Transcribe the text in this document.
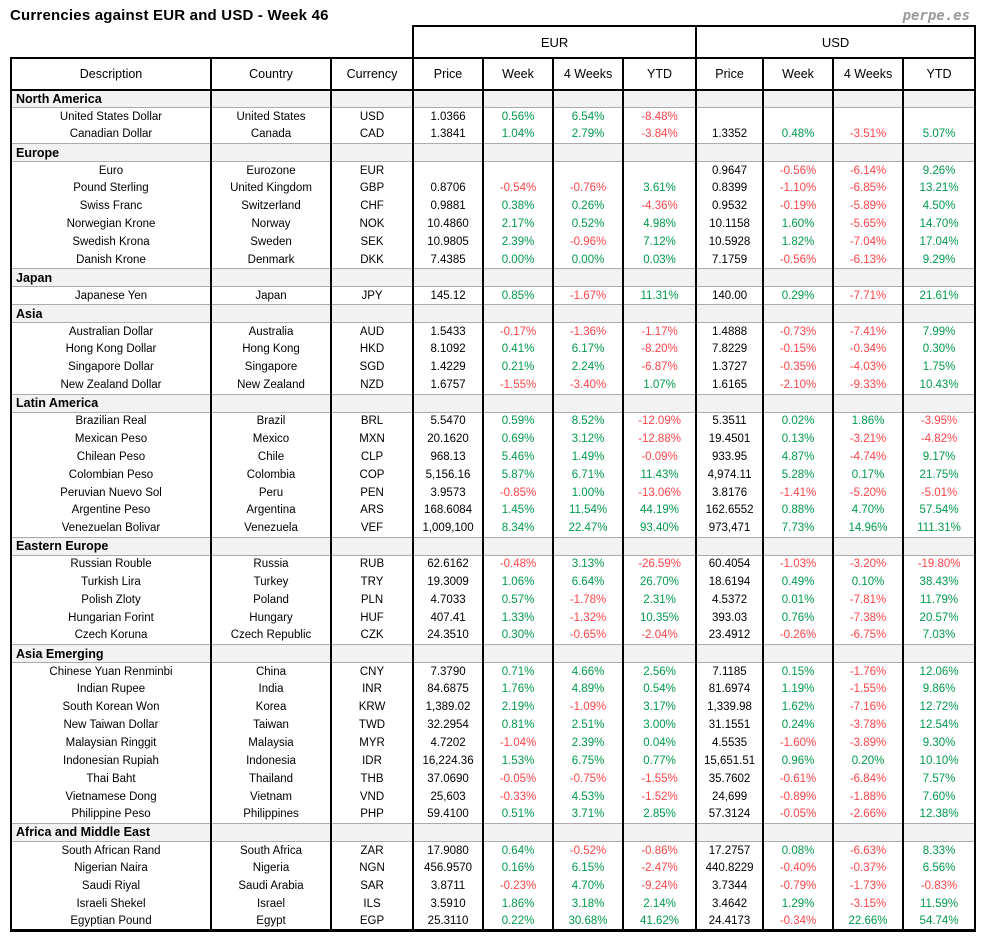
Currencies against EUR and USD - Week 46	perpe.es
			EUR				USD			
Description	Country	Currency	Price	Week	4 Weeks	YTD	Price	Week	4 Weeks	YTD
North America										
United States Dollar	United States	USD	1.0366	0.56%	6.54%	-8.48%				
Canadian Dollar	Canada	CAD	1.3841	1.04%	2.79%	-3.84%	1.3352	0.48%	-3.51%	5.07%
Europe										
Euro	Eurozone	EUR					0.9647	-0.56%	-6.14%	9.26%
Pound Sterling	United Kingdom	GBP	0.8706	-0.54%	-0.76%	3.61%	0.8399	-1.10%	-6.85%	13.21%
Swiss Franc	Switzerland	CHF	0.9881	0.38%	0.26%	-4.36%	0.9532	-0.19%	-5.89%	4.50%
Norwegian Krone	Norway	NOK	10.4860	2.17%	0.52%	4.98%	10.1158	1.60%	-5.65%	14.70%
Swedish Krona	Sweden	SEK	10.9805	2.39%	-0.96%	7.12%	10.5928	1.82%	-7.04%	17.04%
Danish Krone	Denmark	DKK	7.4385	0.00%	0.00%	0.03%	7.1759	-0.56%	-6.13%	9.29%
Japan										
Japanese Yen	Japan	JPY	145.12	0.85%	-1.67%	11.31%	140.00	0.29%	-7.71%	21.61%
Asia										
Australian Dollar	Australia	AUD	1.5433	-0.17%	-1.36%	-1.17%	1.4888	-0.73%	-7.41%	7.99%
Hong Kong Dollar	Hong Kong	HKD	8.1092	0.41%	6.17%	-8.20%	7.8229	-0.15%	-0.34%	0.30%
Singapore Dollar	Singapore	SGD	1.4229	0.21%	2.24%	-6.87%	1.3727	-0.35%	-4.03%	1.75%
New Zealand Dollar	New Zealand	NZD	1.6757	-1.55%	-3.40%	1.07%	1.6165	-2.10%	-9.33%	10.43%
Latin America										
Brazilian Real	Brazil	BRL	5.5470	0.59%	8.52%	-12.09%	5.3511	0.02%	1.86%	-3.95%
Mexican Peso	Mexico	MXN	20.1620	0.69%	3.12%	-12.88%	19.4501	0.13%	-3.21%	-4.82%
Chilean Peso	Chile	CLP	968.13	5.46%	1.49%	-0.09%	933.95	4.87%	-4.74%	9.17%
Colombian Peso	Colombia	COP	5,156.16	5.87%	6.71%	11.43%	4,974.11	5.28%	0.17%	21.75%
Peruvian Nuevo Sol	Peru	PEN	3.9573	-0.85%	1.00%	-13.06%	3.8176	-1.41%	-5.20%	-5.01%
Argentine Peso	Argentina	ARS	168.6084	1.45%	11.54%	44.19%	162.6552	0.88%	4.70%	57.54%
Venezuelan Bolivar	Venezuela	VEF	1,009,100	8.34%	22.47%	93.40%	973,471	7.73%	14.96%	111.31%
Eastern Europe										
Russian Rouble	Russia	RUB	62.6162	-0.48%	3.13%	-26.59%	60.4054	-1.03%	-3.20%	-19.80%
Turkish Lira	Turkey	TRY	19.3009	1.06%	6.64%	26.70%	18.6194	0.49%	0.10%	38.43%
Polish Zloty	Poland	PLN	4.7033	0.57%	-1.78%	2.31%	4.5372	0.01%	-7.81%	11.79%
Hungarian Forint	Hungary	HUF	407.41	1.33%	-1.32%	10.35%	393.03	0.76%	-7.38%	20.57%
Czech Koruna	Czech Republic	CZK	24.3510	0.30%	-0.65%	-2.04%	23.4912	-0.26%	-6.75%	7.03%
Asia Emerging										
Chinese Yuan Renminbi	China	CNY	7.3790	0.71%	4.66%	2.56%	7.1185	0.15%	-1.76%	12.06%
Indian Rupee	India	INR	84.6875	1.76%	4.89%	0.54%	81.6974	1.19%	-1.55%	9.86%
South Korean Won	Korea	KRW	1,389.02	2.19%	-1.09%	3.17%	1,339.98	1.62%	-7.16%	12.72%
New Taiwan Dollar	Taiwan	TWD	32.2954	0.81%	2.51%	3.00%	31.1551	0.24%	-3.78%	12.54%
Malaysian Ringgit	Malaysia	MYR	4.7202	-1.04%	2.39%	0.04%	4.5535	-1.60%	-3.89%	9.30%
Indonesian Rupiah	Indonesia	IDR	16,224.36	1.53%	6.75%	0.77%	15,651.51	0.96%	0.20%	10.10%
Thai Baht	Thailand	THB	37.0690	-0.05%	-0.75%	-1.55%	35.7602	-0.61%	-6.84%	7.57%
Vietnamese Dong	Vietnam	VND	25,603	-0.33%	4.53%	-1.52%	24,699	-0.89%	-1.88%	7.60%
Philippine Peso	Philippines	PHP	59.4100	0.51%	3.71%	2.85%	57.3124	-0.05%	-2.66%	12.38%
Africa and Middle East										
South African Rand	South Africa	ZAR	17.9080	0.64%	-0.52%	-0.86%	17.2757	0.08%	-6.63%	8.33%
Nigerian Naira	Nigeria	NGN	456.9570	0.16%	6.15%	-2.47%	440.8229	-0.40%	-0.37%	6.56%
Saudi Riyal	Saudi Arabia	SAR	3.8711	-0.23%	4.70%	-9.24%	3.7344	-0.79%	-1.73%	-0.83%
Israeli Shekel	Israel	ILS	3.5910	1.86%	3.18%	2.14%	3.4642	1.29%	-3.15%	11.59%
Egyptian Pound	Egypt	EGP	25.3110	0.22%	30.68%	41.62%	24.4173	-0.34%	22.66%	54.74%
